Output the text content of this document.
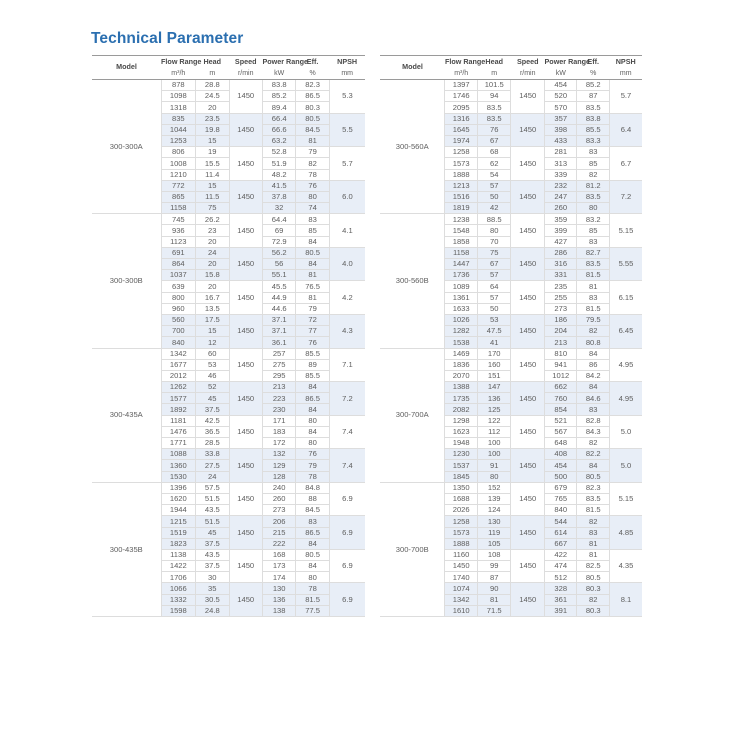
Technical Parameter
Model	Flow Range	Head	Speed	Power Range	Eff.	NPSH
	m³/h	m	r/min	kW	%	mm
300-300A	878	28.8	1450	83.8	82.3	5.3
	1098	24.5		85.2	86.5	
	1318	20		89.4	80.3	
	835	23.5	1450	66.4	80.5	5.5
	1044	19.8		66.6	84.5	
	1253	15		63.2	81	
	806	19	1450	52.8	79	5.7
	1008	15.5		51.9	82	
	1210	11.4		48.2	78	
	772	15	1450	41.5	76	6.0
	865	11.5		37.8	80	
	1158	75		32	74	
300-300B	745	26.2	1450	64.4	83	4.1
	936	23		69	85	
	1123	20		72.9	84	
	691	24	1450	56.2	80.5	4.0
	864	20		56	84	
	1037	15.8		55.1	81	
	639	20	1450	45.5	76.5	4.2
	800	16.7		44.9	81	
	960	13.5		44.6	79	
	560	17.5	1450	37.1	72	4.3
	700	15		37.1	77	
	840	12		36.1	76	
300-435A	1342	60	1450	257	85.5	7.1
	1677	53		275	89	
	2012	46		295	85.5	
	1262	52	1450	213	84	7.2
	1577	45		223	86.5	
	1892	37.5		230	84	
	1181	42.5	1450	171	80	7.4
	1476	36.5		183	84	
	1771	28.5		172	80	
	1088	33.8	1450	132	76	7.4
	1360	27.5		129	79	
	1530	24		128	78	
300-435B	1396	57.5	1450	240	84.8	6.9
	1620	51.5		260	88	
	1944	43.5		273	84.5	
	1215	51.5	1450	206	83	6.9
	1519	45		215	86.5	
	1823	37.5		222	84	
	1138	43.5	1450	168	80.5	6.9
	1422	37.5		173	84	
	1706	30		174	80	
	1066	35	1450	130	78	6.9
	1332	30.5		136	81.5	
	1598	24.8		138	77.5	
Model	Flow Range	Head	Speed	Power Range	Eff.	NPSH
	m³/h	m	r/min	kW	%	mm
300-560A	1397	101.5	1450	454	85.2	5.7
	1746	94		520	87	
	2095	83.5		570	83.5	
	1316	83.5	1450	357	83.8	6.4
	1645	76		398	85.5	
	1974	67		433	83.3	
	1258	68	1450	281	83	6.7
	1573	62		313	85	
	1888	54		339	82	
	1213	57	1450	232	81.2	7.2
	1516	50		247	83.5	
	1819	42		260	80	
300-560B	1238	88.5	1450	359	83.2	5.15
	1548	80		399	85	
	1858	70		427	83	
	1158	75	1450	286	82.7	5.55
	1447	67		316	83.5	
	1736	57		331	81.5	
	1089	64	1450	235	81	6.15
	1361	57		255	83	
	1633	50		273	81.5	
	1026	53	1450	186	79.5	6.45
	1282	47.5		204	82	
	1538	41		213	80.8	
300-700A	1469	170	1450	810	84	4.95
	1836	160		941	86	
	2070	151		1012	84.2	
	1388	147	1450	662	84	4.95
	1735	136		760	84.6	
	2082	125		854	83	
	1298	122	1450	521	82.8	5.0
	1623	112		567	84.3	
	1948	100		648	82	
	1230	100	1450	408	82.2	5.0
	1537	91		454	84	
	1845	80		500	80.5	
300-700B	1350	152	1450	679	82.3	5.15
	1688	139		765	83.5	
	2026	124		840	81.5	
	1258	130	1450	544	82	4.85
	1573	119		614	83	
	1888	105		667	81	
	1160	108	1450	422	81	4.35
	1450	99		474	82.5	
	1740	87		512	80.5	
	1074	90	1450	328	80.3	8.1
	1342	81		361	82	
	1610	71.5		391	80.3	
